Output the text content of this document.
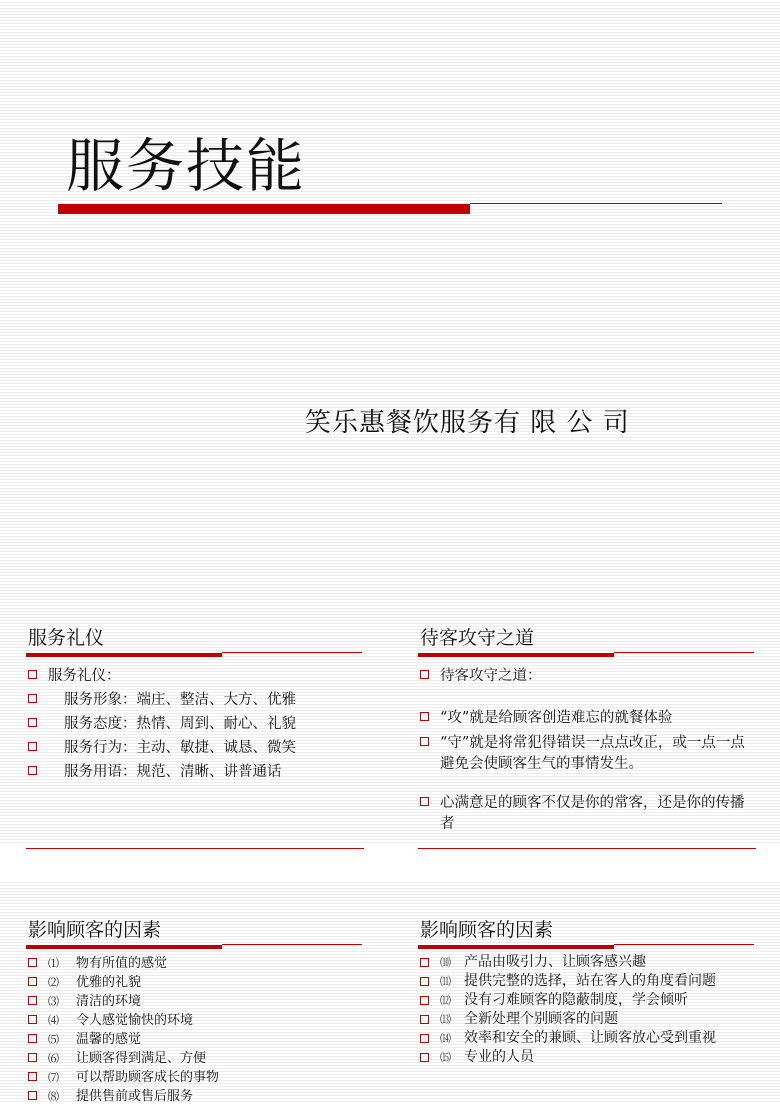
服务技能
笑乐惠餐饮服务有 限 公 司
服务礼仪
服务礼仪：
服务形象：端庄、整洁、大方、优雅
服务态度：热情、周到、耐心、礼貌
服务行为：主动、敏捷、诚恳、微笑
服务用语：规范、清晰、讲普通话
待客攻守之道
待客攻守之道：
“攻”就是给顾客创造难忘的就餐体验
“守”就是将常犯得错误一点点改正，或一点一点避免会使顾客生气的事情发生。
心满意足的顾客不仅是你的常客，还是你的传播者
影响顾客的因素
⑴ 物有所值的感觉
⑵ 优雅的礼貌
⑶ 清洁的环境
⑷ 令人感觉愉快的环境
⑸ 温馨的感觉
⑹ 让顾客得到满足、方便
⑺ 可以帮助顾客成长的事物
⑻ 提供售前或售后服务
影响顾客的因素
⑽ 产品由吸引力、让顾客感兴趣
⑾ 提供完整的选择，站在客人的角度看问题
⑿ 没有刁难顾客的隐蔽制度，学会倾听
⒀ 全新处理个别顾客的问题
⒁ 效率和安全的兼顾、让顾客放心受到重视
⒂ 专业的人员
